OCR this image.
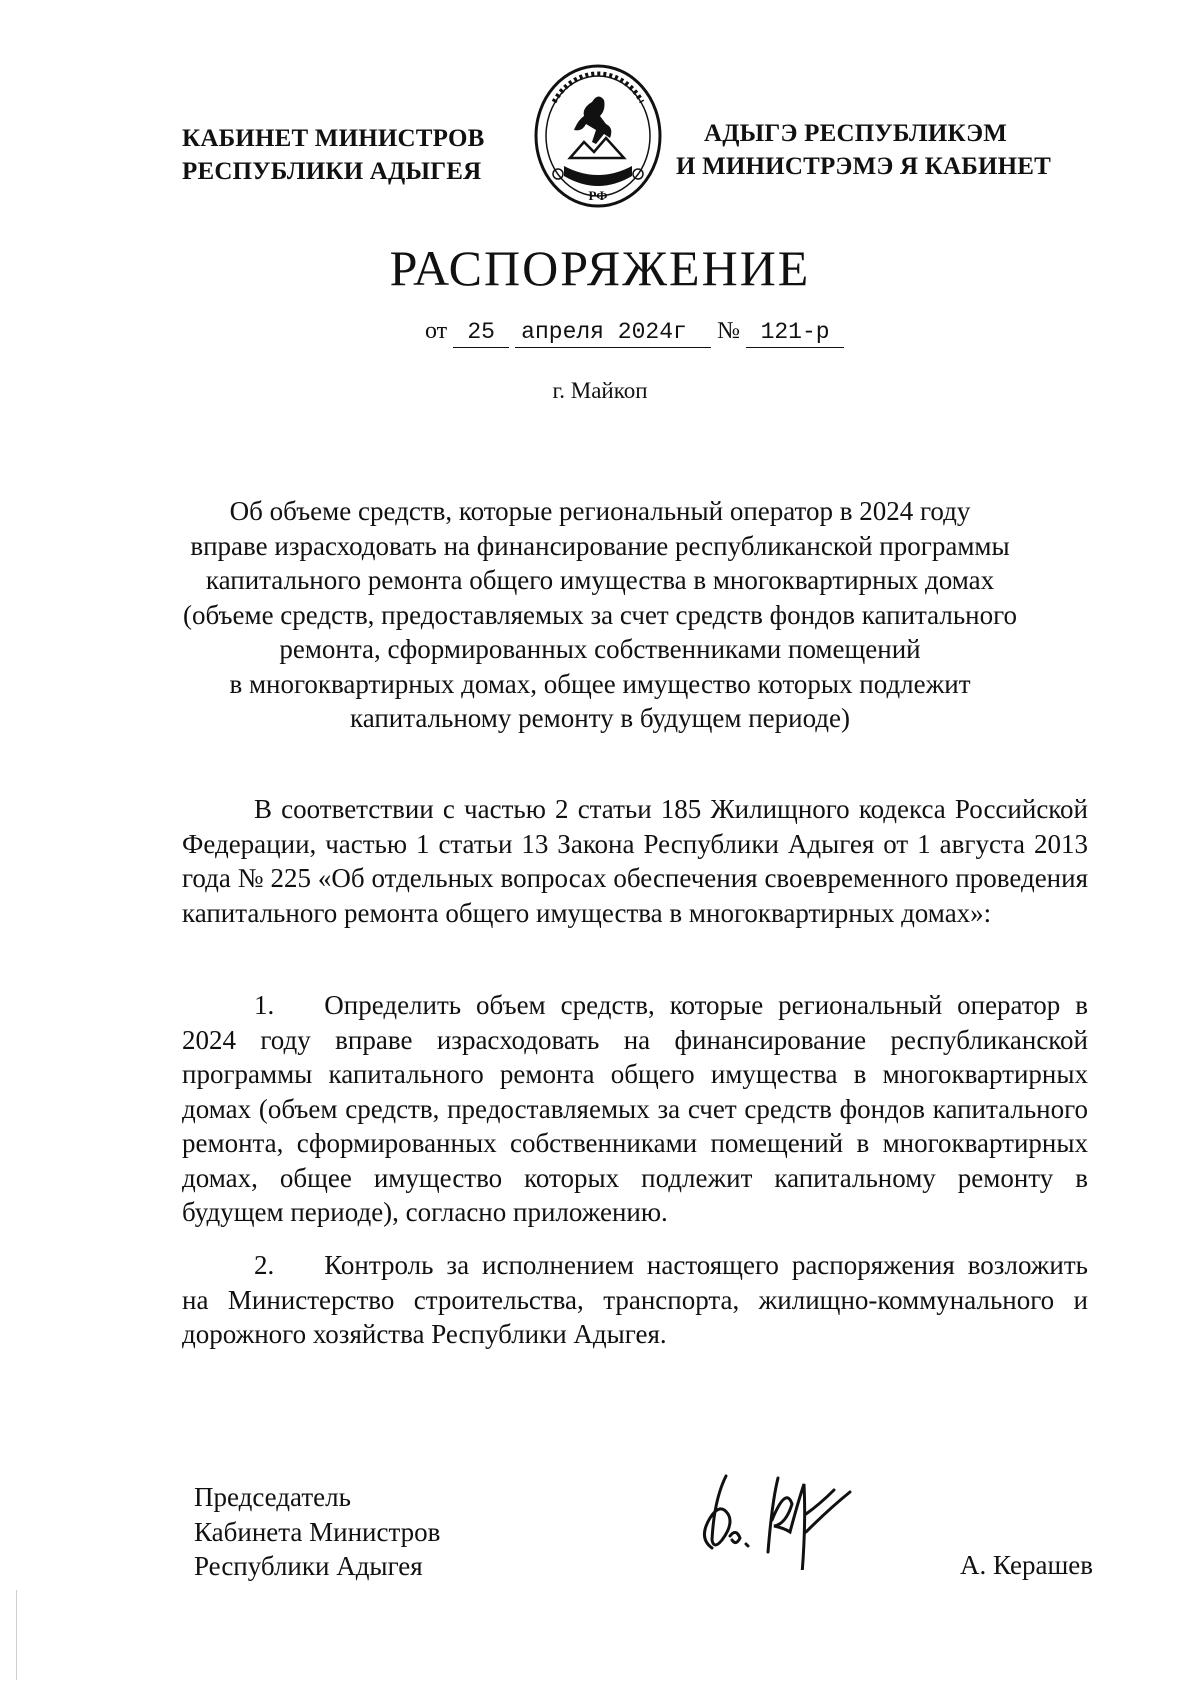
КАБИНЕТ МИНИСТРОВ
РЕСПУБЛИКИ АДЫГЕЯ
РФ
АДЫГЭ РЕСПУБЛИКЭМ
И МИНИСТРЭМЭ Я КАБИНЕТ
РАСПОРЯЖЕНИЕ
от 25 апреля 2024г № 121-р
г. Майкоп
Об объеме средств, которые региональный оператор в 2024 году
вправе израсходовать на финансирование республиканской программы
капитального ремонта общего имущества в многоквартирных домах
(объеме средств, предоставляемых за счет средств фондов капитального
ремонта, сформированных собственниками помещений
в многоквартирных домах, общее имущество которых подлежит
капитальному ремонту в будущем периоде)
В соответствии с частью 2 статьи 185 Жилищного кодекса Российской Федерации, частью 1 статьи 13 Закона Республики Адыгея от 1 августа 2013 года № 225 «Об отдельных вопросах обеспечения своевременного проведения капитального ремонта общего имущества в многоквартирных домах»:
1. Определить объем средств, которые региональный оператор в 2024 году вправе израсходовать на финансирование республиканской программы капитального ремонта общего имущества в многоквартирных домах (объем средств, предоставляемых за счет средств фондов капитального ремонта, сформированных собственниками помещений в многоквартирных домах, общее имущество которых подлежит капитальному ремонту в будущем периоде), согласно приложению.
2. Контроль за исполнением настоящего распоряжения возложить на Министерство строительства, транспорта, жилищно-коммунального и дорожного хозяйства Республики Адыгея.
Председатель
Кабинета Министров
Республики Адыгея	А. Керашев
